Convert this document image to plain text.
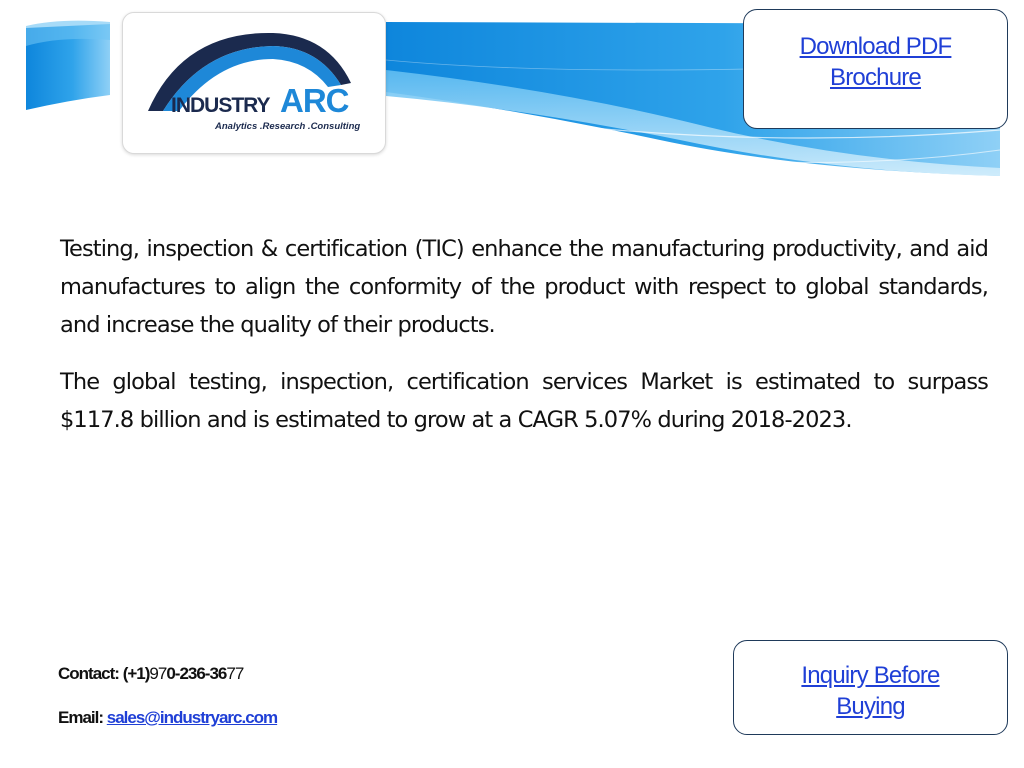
INDUSTRY ARC
Analytics .Research .Consulting
Download PDF
Brochure

Testing, inspection & certification (TIC) enhance the manufacturing productivity, and aid manufactures to align the conformity of the product with respect to global standards, and increase the quality of their products.

The global testing, inspection, certification services Market is estimated to surpass $117.8 billion and is estimated to grow at a CAGR 5.07% during 2018-2023.

Contact: (+1)970-236-3677
Email: sales@industryarc.com
Inquiry Before
Buying
